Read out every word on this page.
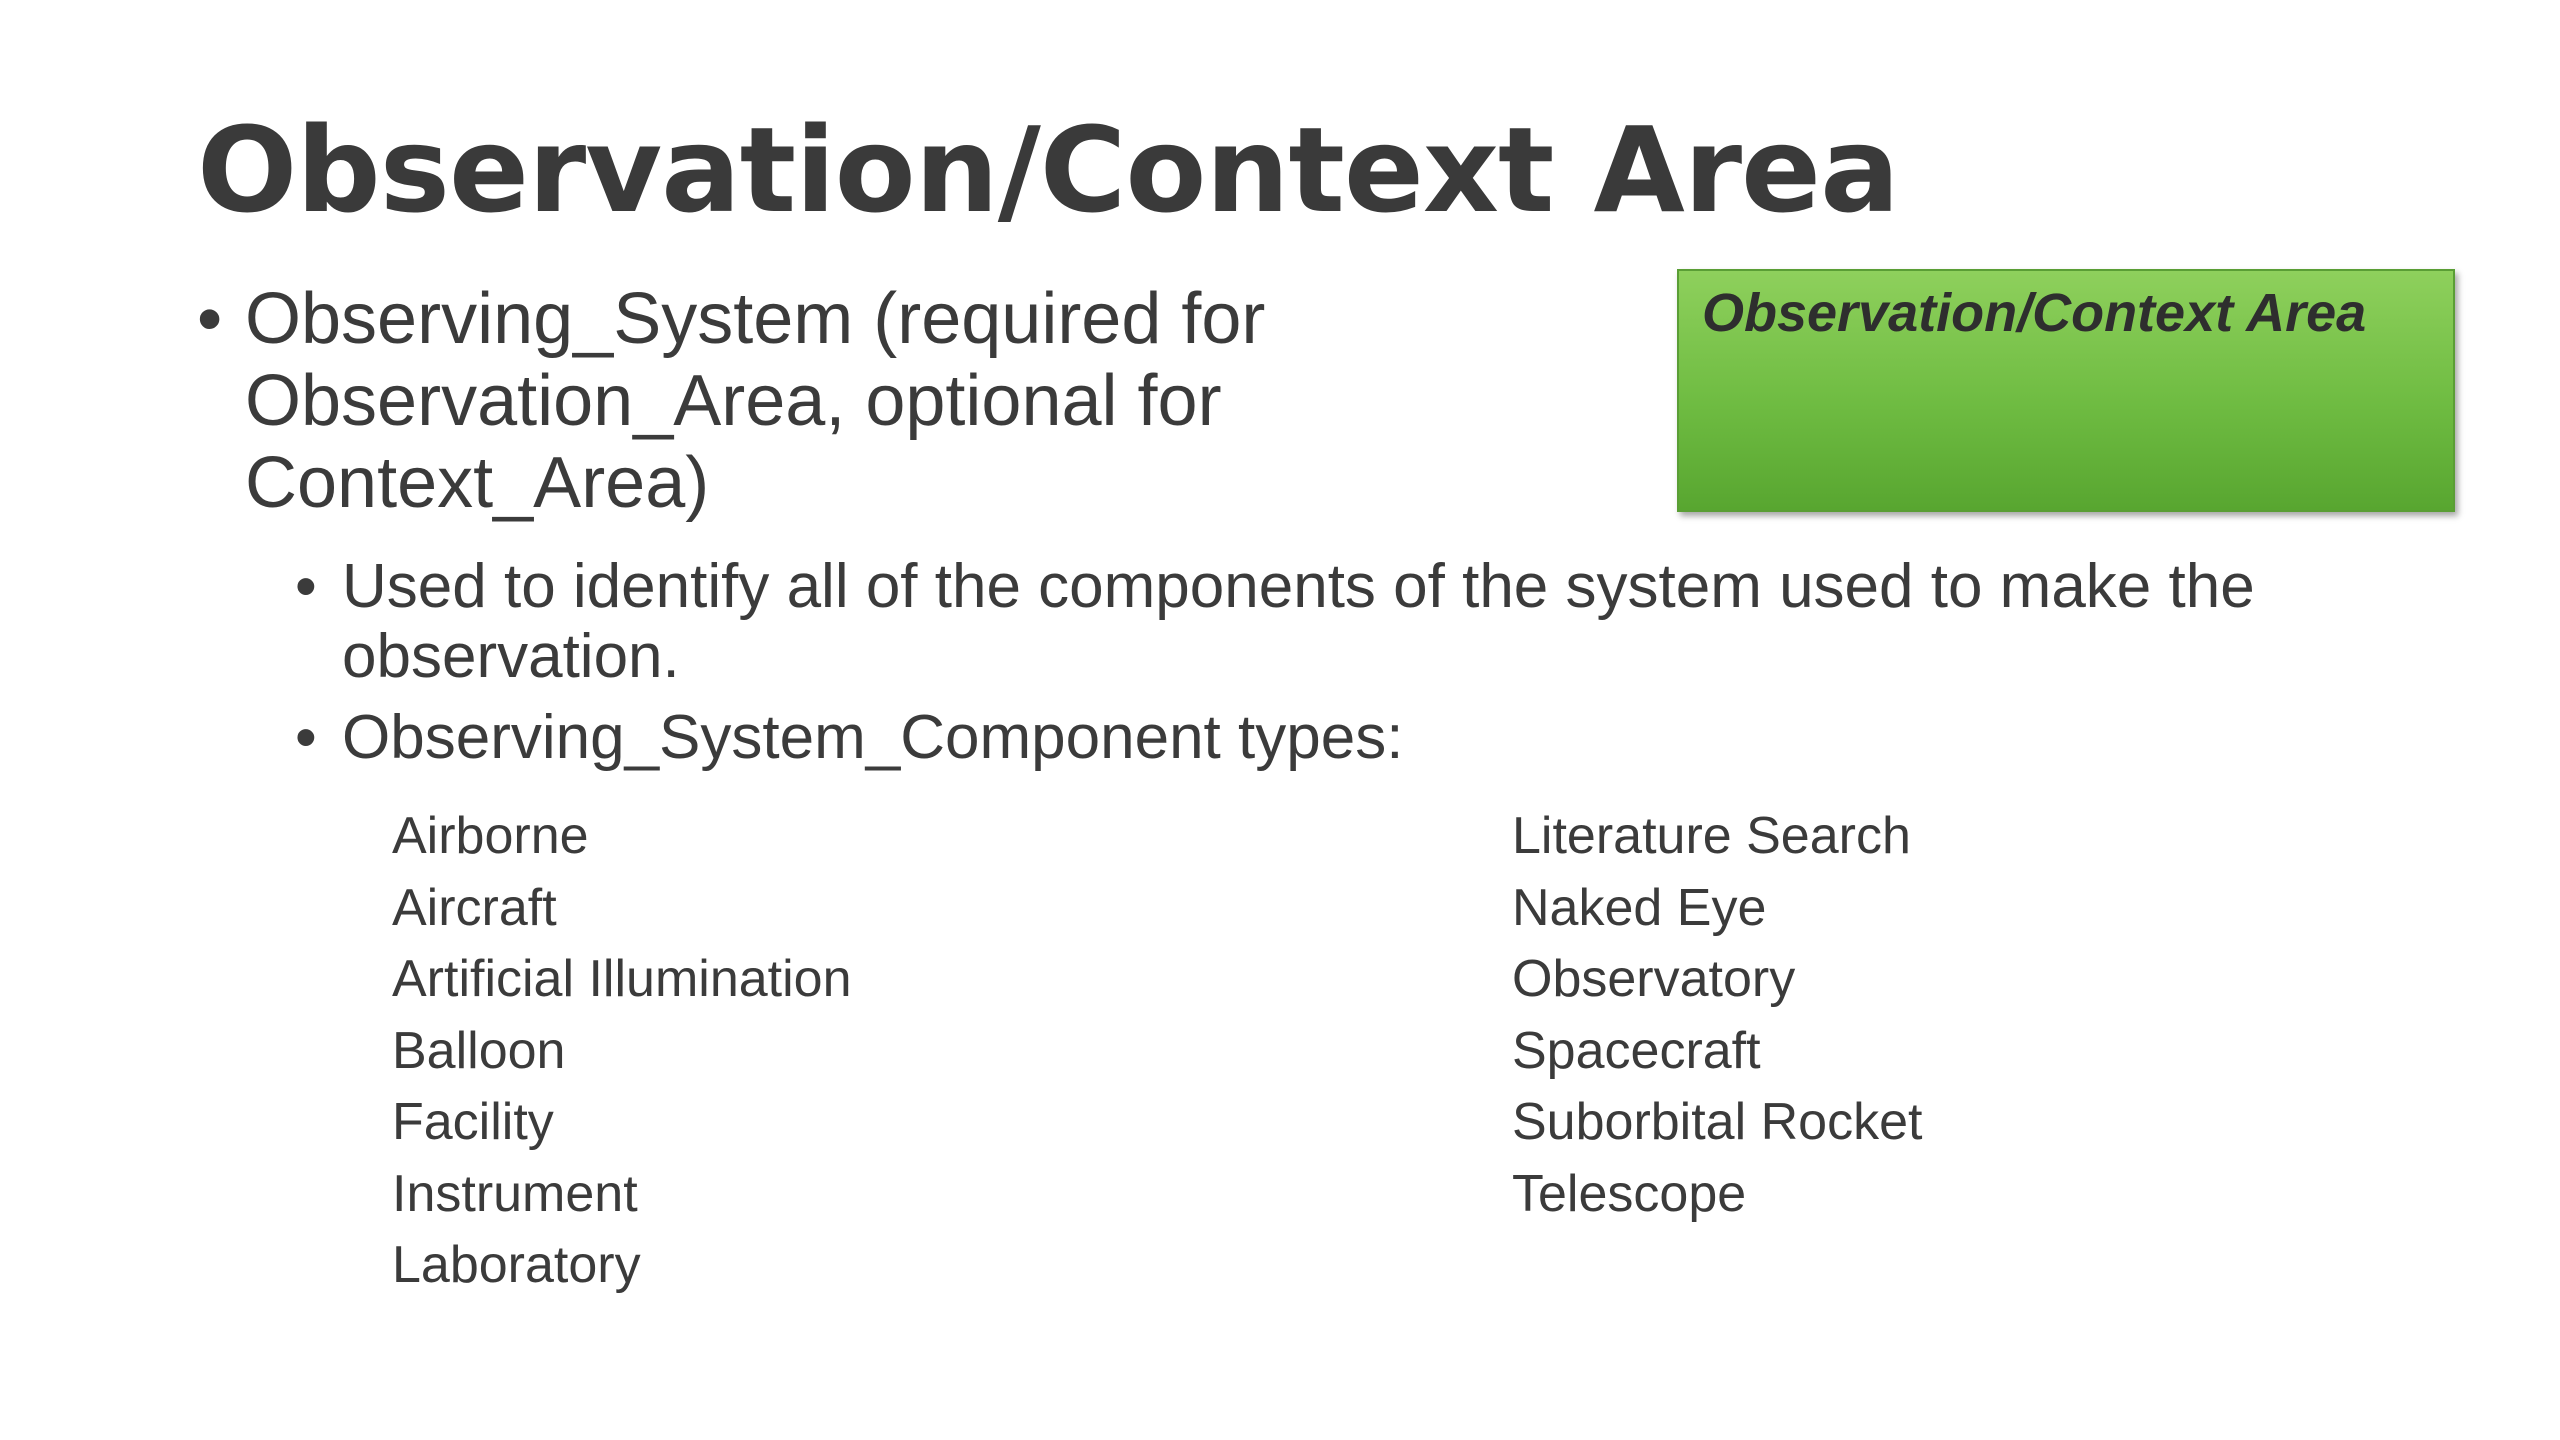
Observation/Context Area
Observation/Context Area
• Observing_System (required for Observation_Area, optional for Context_Area)
• Used to identify all of the components of the system used to make the observation.
• Observing_System_Component types:
Airborne
Aircraft
Artificial Illumination
Balloon
Facility
Instrument
Laboratory
Literature Search
Naked Eye
Observatory
Spacecraft
Suborbital Rocket
Telescope
